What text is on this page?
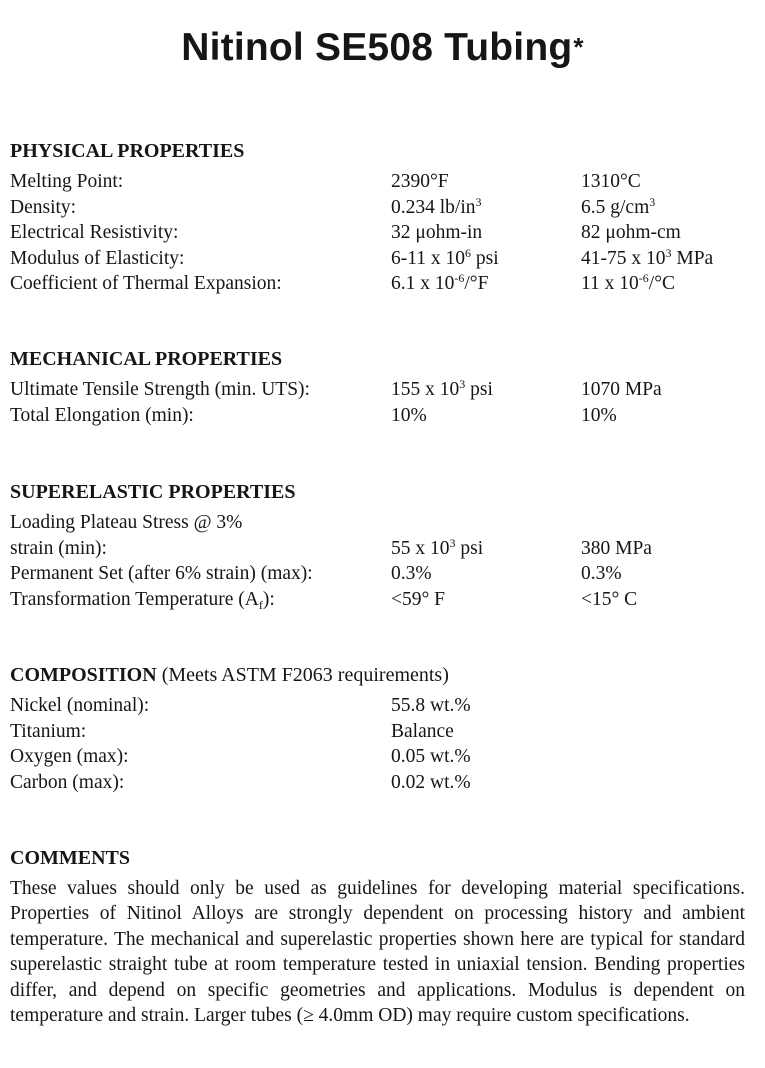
Nitinol SE508 Tubing*
PHYSICAL PROPERTIES
Melting Point:	2390°F	1310°C
Density:	0.234 $lb/in^3$	6.5 $g/cm^3$
Electrical Resistivity:	32 μohm-in	82 μohm-cm
Modulus of Elasticity:	6-11 x $10^6$ psi	41-75 x $10^3$ MPa
Coefficient of Thermal Expansion:	6.1 x $10^{-6}/^\circ F$	11 x $10^{-6}/^\circ C$
MECHANICAL PROPERTIES
Ultimate Tensile Strength (min. UTS):	155 x $10^3$ psi	1070 MPa
Total Elongation (min):	10%	10%
SUPERELASTIC PROPERTIES
Loading Plateau Stress @ 3%
strain (min):	55 x $10^3$ psi	380 MPa
Permanent Set (after 6% strain) (max):	0.3%	0.3%
Transformation Temperature $(A_f)$:	<59° F	<15° C
COMPOSITION (Meets ASTM F2063 requirements)
Nickel (nominal):	55.8 wt.%
Titanium:	Balance
Oxygen (max):	0.05 wt.%
Carbon (max):	0.02 wt.%
COMMENTS

These values should only be used as guidelines for developing material specifications. Properties of Nitinol Alloys are strongly dependent on processing history and ambient temperature. The mechanical and superelastic properties shown here are typical for standard superelastic straight tube at room temperature tested in uniaxial tension. Bending properties differ, and depend on specific geometries and applications. Modulus is dependent on temperature and strain. Larger tubes (≥ 4.0mm OD) may require custom specifications.
